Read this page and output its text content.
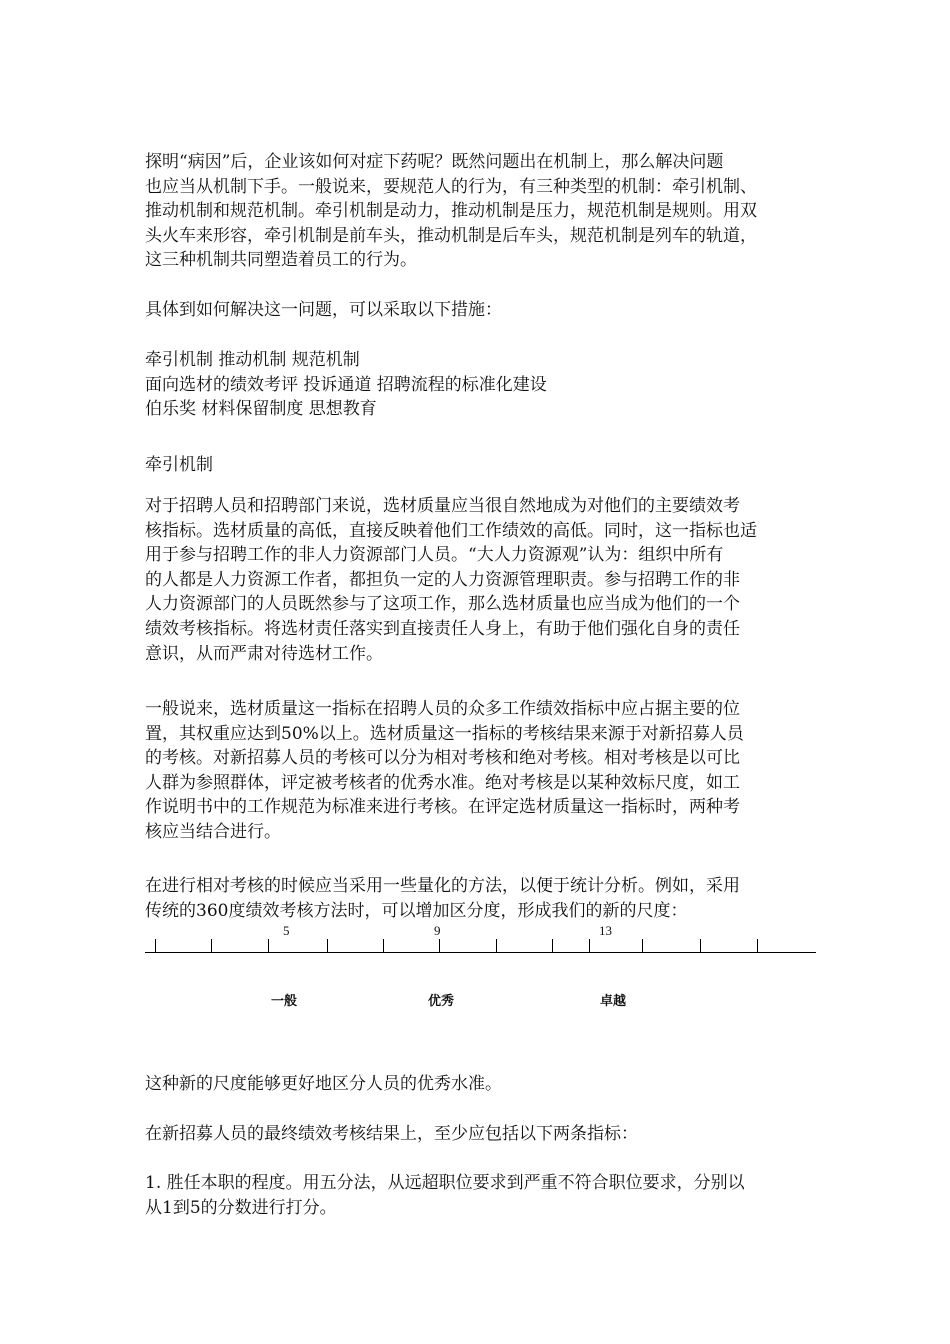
探明“病因”后，企业该如何对症下药呢？既然问题出在机制上，那么解决问题
也应当从机制下手。一般说来，要规范人的行为，有三种类型的机制：牵引机制、
推动机制和规范机制。牵引机制是动力，推动机制是压力，规范机制是规则。用双
头火车来形容，牵引机制是前车头，推动机制是后车头，规范机制是列车的轨道，
这三种机制共同塑造着员工的行为。

具体到如何解决这一问题，可以采取以下措施：

牵引机制 推动机制 规范机制
面向选材的绩效考评 投诉通道 招聘流程的标准化建设
伯乐奖 材料保留制度 思想教育

牵引机制

对于招聘人员和招聘部门来说，选材质量应当很自然地成为对他们的主要绩效考
核指标。选材质量的高低，直接反映着他们工作绩效的高低。同时，这一指标也适
用于参与招聘工作的非人力资源部门人员。“大人力资源观”认为：组织中所有
的人都是人力资源工作者，都担负一定的人力资源管理职责。参与招聘工作的非
人力资源部门的人员既然参与了这项工作，那么选材质量也应当成为他们的一个
绩效考核指标。将选材责任落实到直接责任人身上，有助于他们强化自身的责任
意识，从而严肃对待选材工作。

一般说来，选材质量这一指标在招聘人员的众多工作绩效指标中应占据主要的位
置，其权重应达到50%以上。选材质量这一指标的考核结果来源于对新招募人员
的考核。对新招募人员的考核可以分为相对考核和绝对考核。相对考核是以可比
人群为参照群体，评定被考核者的优秀水准。绝对考核是以某种效标尺度，如工
作说明书中的工作规范为标准来进行考核。在评定选材质量这一指标时，两种考
核应当结合进行。

在进行相对考核的时候应当采用一些量化的方法，以便于统计分析。例如，采用
传统的360度绩效考核方法时，可以增加区分度，形成我们的新的尺度：

5	9	13
一般	优秀	卓越

这种新的尺度能够更好地区分人员的优秀水准。

在新招募人员的最终绩效考核结果上，至少应包括以下两条指标：

1. 胜任本职的程度。用五分法，从远超职位要求到严重不符合职位要求，分别以
从1到5的分数进行打分。
